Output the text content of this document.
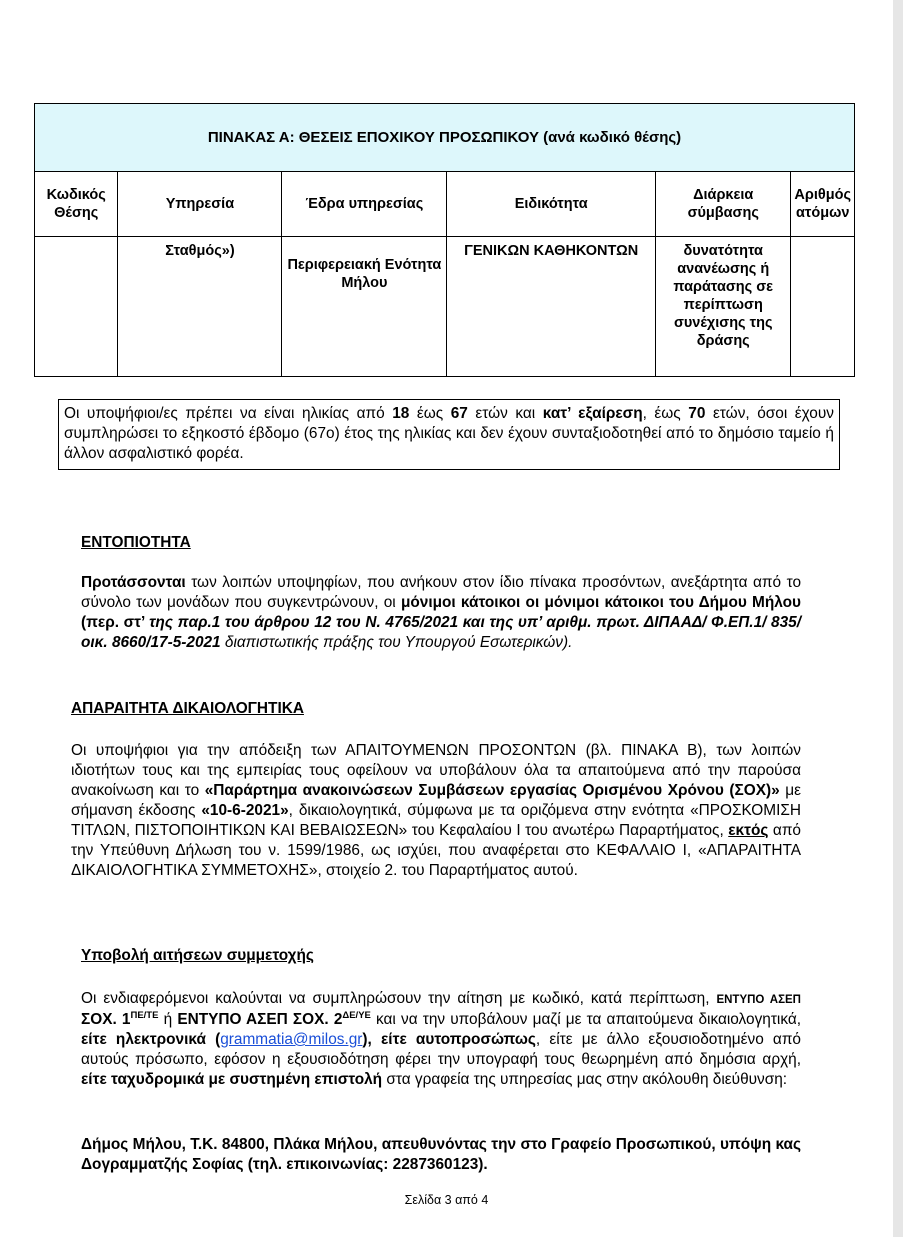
ΠΙΝΑΚΑΣ Α: ΘΕΣΕΙΣ ΕΠΟΧΙΚΟΥ ΠΡΟΣΩΠΙΚΟΥ (ανά κωδικό θέσης)					
Κωδικός Θέσης	Υπηρεσία	Έδρα υπηρεσίας	Ειδικότητα	Διάρκεια σύμβασης	Αριθμός ατόμων
	Σταθμός»)	Περιφερειακή Ενότητα Μήλου	ΓΕΝΙΚΩΝ ΚΑΘΗΚΟΝΤΩΝ	δυνατότητα ανανέωσης ή παράτασης σε περίπτωση συνέχισης της δράσης	
Οι υποψήφιοι/ες πρέπει να είναι ηλικίας από 18 έως 67 ετών και κατ’ εξαίρεση, έως 70 ετών, όσοι έχουν συμπληρώσει το εξηκοστό έβδομο (67ο) έτος της ηλικίας και δεν έχουν συνταξιοδοτηθεί από το δημόσιο ταμείο ή άλλον ασφαλιστικό φορέα.
ΕΝΤΟΠΙΟΤΗΤΑ
Προτάσσονται των λοιπών υποψηφίων, που ανήκουν στον ίδιο πίνακα προσόντων, ανεξάρτητα από το σύνολο των μονάδων που συγκεντρώνουν, οι μόνιμοι κάτοικοι οι μόνιμοι κάτοικοι του Δήμου Μήλου (περ. στ’ της παρ.1 του άρθρου 12 του Ν. 4765/2021 και της υπ’ αριθμ. πρωτ. ΔΙΠΑΑΔ/ Φ.ΕΠ.1/ 835/οικ. 8660/17-5-2021 διαπιστωτικής πράξης του Υπουργού Εσωτερικών).
ΑΠΑΡΑΙΤΗΤΑ ΔΙΚΑΙΟΛΟΓΗΤΙΚΑ
Οι υποψήφιοι για την απόδειξη των ΑΠΑΙΤΟΥΜΕΝΩΝ ΠΡΟΣΟΝΤΩΝ (βλ. ΠΙΝΑΚΑ Β), των λοιπών ιδιοτήτων τους και της εμπειρίας τους οφείλουν να υποβάλουν όλα τα απαιτούμενα από την παρούσα ανακοίνωση και το «Παράρτημα ανακοινώσεων Συμβάσεων εργασίας Ορισμένου Χρόνου (ΣΟΧ)» με σήμανση έκδοσης «10-6-2021», δικαιολογητικά, σύμφωνα με τα οριζόμενα στην ενότητα «ΠΡΟΣΚΟΜΙΣΗ ΤΙΤΛΩΝ, ΠΙΣΤΟΠΟΙΗΤΙΚΩΝ ΚΑΙ ΒΕΒΑΙΩΣΕΩΝ» του Κεφαλαίου Ι του ανωτέρω Παραρτήματος, εκτός από την Υπεύθυνη Δήλωση του ν. 1599/1986, ως ισχύει, που αναφέρεται στο ΚΕΦΑΛΑΙΟ Ι, «ΑΠΑΡΑΙΤΗΤΑ ΔΙΚΑΙΟΛΟΓΗΤΙΚΑ ΣΥΜΜΕΤΟΧΗΣ», στοιχείο 2. του Παραρτήματος αυτού.
Υποβολή αιτήσεων συμμετοχής
Οι ενδιαφερόμενοι καλούνται να συμπληρώσουν την αίτηση με κωδικό, κατά περίπτωση, ΕΝΤΥΠΟ ΑΣΕΠ ΣΟΧ. $1^{\Pi E/TE}$ ή ΕΝΤΥΠΟ ΑΣΕΠ ΣΟΧ. $2^{\Delta E/\Upsilon E}$ και να την υποβάλουν μαζί με τα απαιτούμενα δικαιολογητικά, είτε ηλεκτρονικά (grammatia@milos.gr), είτε αυτοπροσώπως, είτε με άλλο εξουσιοδοτημένο από αυτούς πρόσωπο, εφόσον η εξουσιοδότηση φέρει την υπογραφή τους θεωρημένη από δημόσια αρχή, είτε ταχυδρομικά με συστημένη επιστολή στα γραφεία της υπηρεσίας μας στην ακόλουθη διεύθυνση:
Δήμος Μήλου, Τ.Κ. 84800, Πλάκα Μήλου, απευθυνόντας την στο Γραφείο Προσωπικού, υπόψη κας Δογραμματζής Σοφίας (τηλ. επικοινωνίας: 2287360123).
Σελίδα 3 από 4
